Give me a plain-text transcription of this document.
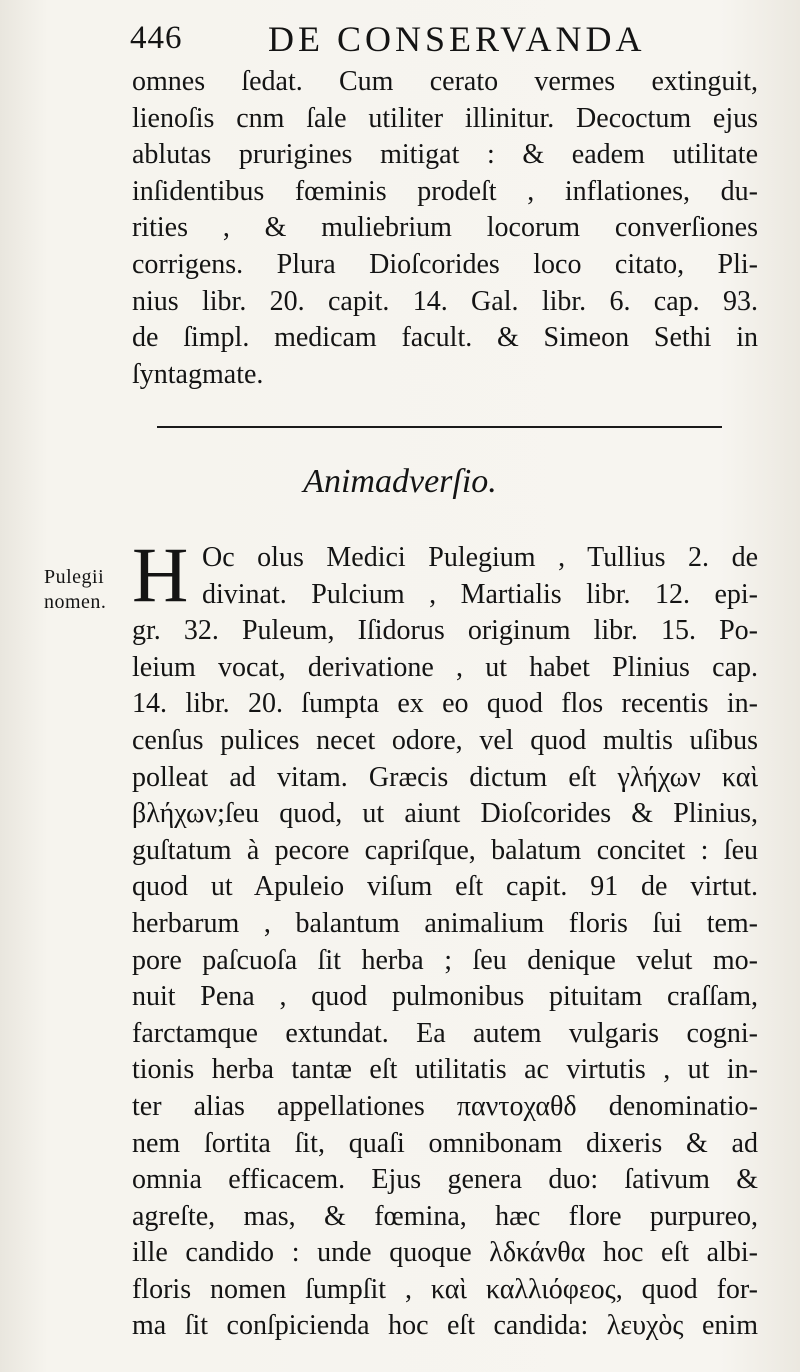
446 DE CONSERVANDA
omnes ſedat. Cum cerato vermes extinguit,
lienoſis cnm ſale utiliter illinitur. Decoctum ejus
ablutas prurigines mitigat : & eadem utilitate
inſidentibus fœminis prodeſt , inflationes, du-
rities , & muliebrium locorum converſiones
corrigens. Plura Dioſcorides loco citato, Pli-
nius libr. 20. capit. 14. Gal. libr. 6. cap. 93.
de ſimpl. medicam facult. & Simeon Sethi in
ſyntagmate.
Animadverſio.
Pulegii
nomen. H Oc olus Medici Pulegium , Tullius 2. de
divinat. Pulcium , Martialis libr. 12. epi-
gr. 32. Puleum, Iſidorus originum libr. 15. Po-
leium vocat, derivatione , ut habet Plinius cap.
14. libr. 20. ſumpta ex eo quod flos recentis in-
cenſus pulices necet odore, vel quod multis uſibus
polleat ad vitam. Græcis dictum eſt γλήχων καὶ
βλήχων;ſeu quod, ut aiunt Dioſcorides & Plinius,
guſtatum à pecore capriſque, balatum concitet : ſeu
quod ut Apuleio viſum eſt capit. 91 de virtut.
herbarum , balantum animalium floris ſui tem-
pore paſcuoſa ſit herba ; ſeu denique velut mo-
nuit Pena , quod pulmonibus pituitam craſſam,
farctamque extundat. Ea autem vulgaris cogni-
tionis herba tantæ eſt utilitatis ac virtutis , ut in-
ter alias appellationes παντοχαθδ denominatio-
nem ſortita ſit, quaſi omnibonam dixeris & ad
omnia efficacem. Ejus genera duo: ſativum &
agreſte, mas, & fœmina, hæc flore purpureo,
ille candido : unde quoque λδκάνθα hoc eſt albi-
floris nomen ſumpſit , καὶ καλλιόφεος, quod for-
ma ſit conſpicienda hoc eſt candida: λευχὸς enim
